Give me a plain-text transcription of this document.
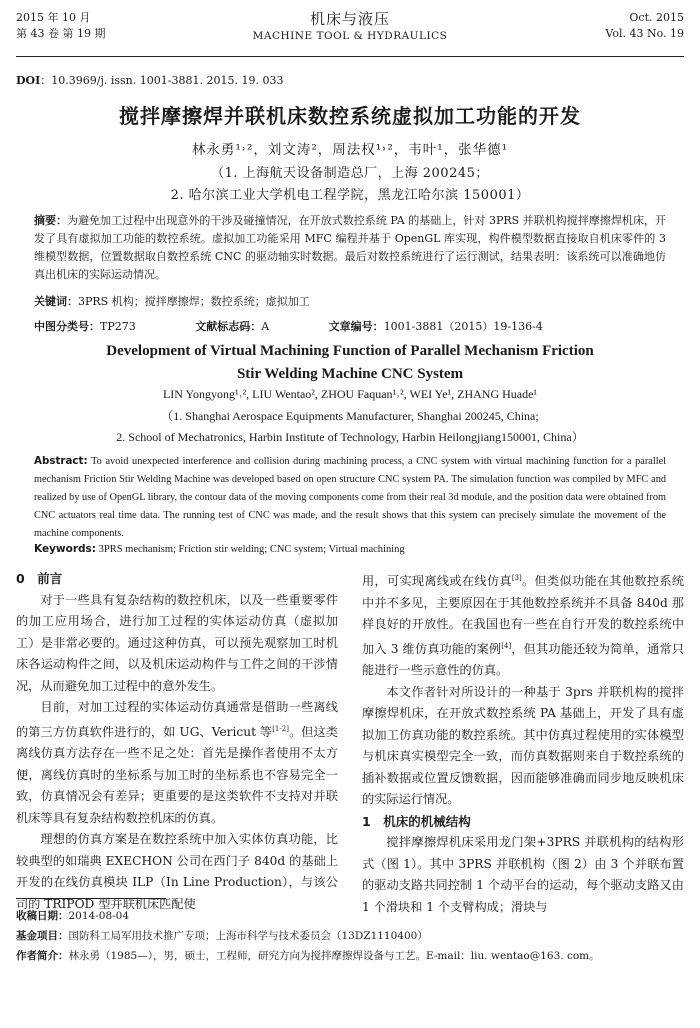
2015 年 10 月
第 43 卷 第 19 期
机床与液压
MACHINE TOOL & HYDRAULICS
Oct. 2015
Vol. 43 No. 19
DOI：10.3969/j. issn. 1001-3881. 2015. 19. 033
搅拌摩擦焊并联机床数控系统虚拟加工功能的开发
林永勇¹˒²，刘文涛²，周法权¹˒²，韦叶¹，张华德¹
（1. 上海航天设备制造总厂，上海 200245；
2. 哈尔滨工业大学机电工程学院，黑龙江哈尔滨 150001）
摘要：为避免加工过程中出现意外的干涉及碰撞情况，在开放式数控系统 PA 的基础上，针对 3PRS 并联机构搅拌摩擦焊机床，开发了具有虚拟加工功能的数控系统。虚拟加工功能采用 MFC 编程并基于 OpenGL 库实现，构件模型数据直接取自机床零件的 3 维模型数据，位置数据取自数控系统 CNC 的驱动轴实时数据。最后对数控系统进行了运行测试，结果表明：该系统可以准确地仿真出机床的实际运动情况。
关键词：3PRS 机构；搅拌摩擦焊；数控系统；虚拟加工
中图分类号：TP273	文献标志码：A	文章编号：1001-3881（2015）19-136-4
Development of Virtual Machining Function of Parallel Mechanism Friction
Stir Welding Machine CNC System
LIN Yongyong¹˒², LIU Wentao², ZHOU Faquan¹˒², WEI Ye¹, ZHANG Huade¹
（1. Shanghai Aerospace Equipments Manufacturer, Shanghai 200245, China;
2. School of Mechatronics, Harbin Institute of Technology, Harbin Heilongjiang150001, China）
Abstract: To avoid unexpected interference and collision during machining process, a CNC system with virtual machining function for a parallel mechanism Friction Stir Welding Machine was developed based on open structure CNC system PA. The simulation function was compiled by MFC and realized by use of OpenGL library, the contour data of the moving components come from their real 3d module, and the position data were obtained from CNC actuators real time data. The running test of CNC was made, and the result shows that this system can precisely simulate the movement of the machine components.
Keywords: 3PRS mechanism; Friction stir welding; CNC system; Virtual machining
0　前言

对于一些具有复杂结构的数控机床，以及一些重要零件的加工应用场合，进行加工过程的实体运动仿真（虚拟加工）是非常必要的。通过这种仿真，可以预先观察加工时机床各运动构件之间，以及机床运动构件与工件之间的干涉情况，从而避免加工过程中的意外发生。

目前，对加工过程的实体运动仿真通常是借助一些离线的第三方仿真软件进行的，如 UG、Vericut 等[1-2]。但这类离线仿真方法存在一些不足之处：首先是操作者使用不太方便，离线仿真时的坐标系与加工时的坐标系也不容易完全一致，仿真情况会有差异；更重要的是这类软件不支持对并联机床等具有复杂结构数控机床的仿真。

理想的仿真方案是在数控系统中加入实体仿真功能，比较典型的如瑞典 EXECHON 公司在西门子 840d 的基础上开发的在线仿真模块 ILP（In Line Production），与该公司的 TRIPOD 型并联机床匹配使

用，可实现离线或在线仿真[3]。但类似功能在其他数控系统中并不多见，主要原因在于其他数控系统并不具备 840d 那样良好的开放性。在我国也有一些在自行开发的数控系统中加入 3 维仿真功能的案例[4]，但其功能还较为简单，通常只能进行一些示意性的仿真。

本文作者针对所设计的一种基于 3prs 并联机构的搅拌摩擦焊机床，在开放式数控系统 PA 基础上，开发了具有虚拟加工仿真功能的数控系统。其中仿真过程使用的实体模型与机床真实模型完全一致，而仿真数据则来自于数控系统的插补数据或位置反馈数据，因而能够准确而同步地反映机床的实际运行情况。

1　机床的机械结构

搅拌摩擦焊机床采用龙门架+3PRS 并联机构的结构形式（图 1）。其中 3PRS 并联机构（图 2）由 3 个并联布置的驱动支路共同控制 1 个动平台的运动，每个驱动支路又由 1 个滑块和 1 个支臂构成；滑块与

收稿日期：2014-08-04
基金项目：国防科工局军用技术推广专项；上海市科学与技术委员会（13DZ1110400）
作者简介：林永勇（1985—），男，硕士，工程师，研究方向为搅拌摩擦焊设备与工艺。E-mail：liu. wentao@163. com。
